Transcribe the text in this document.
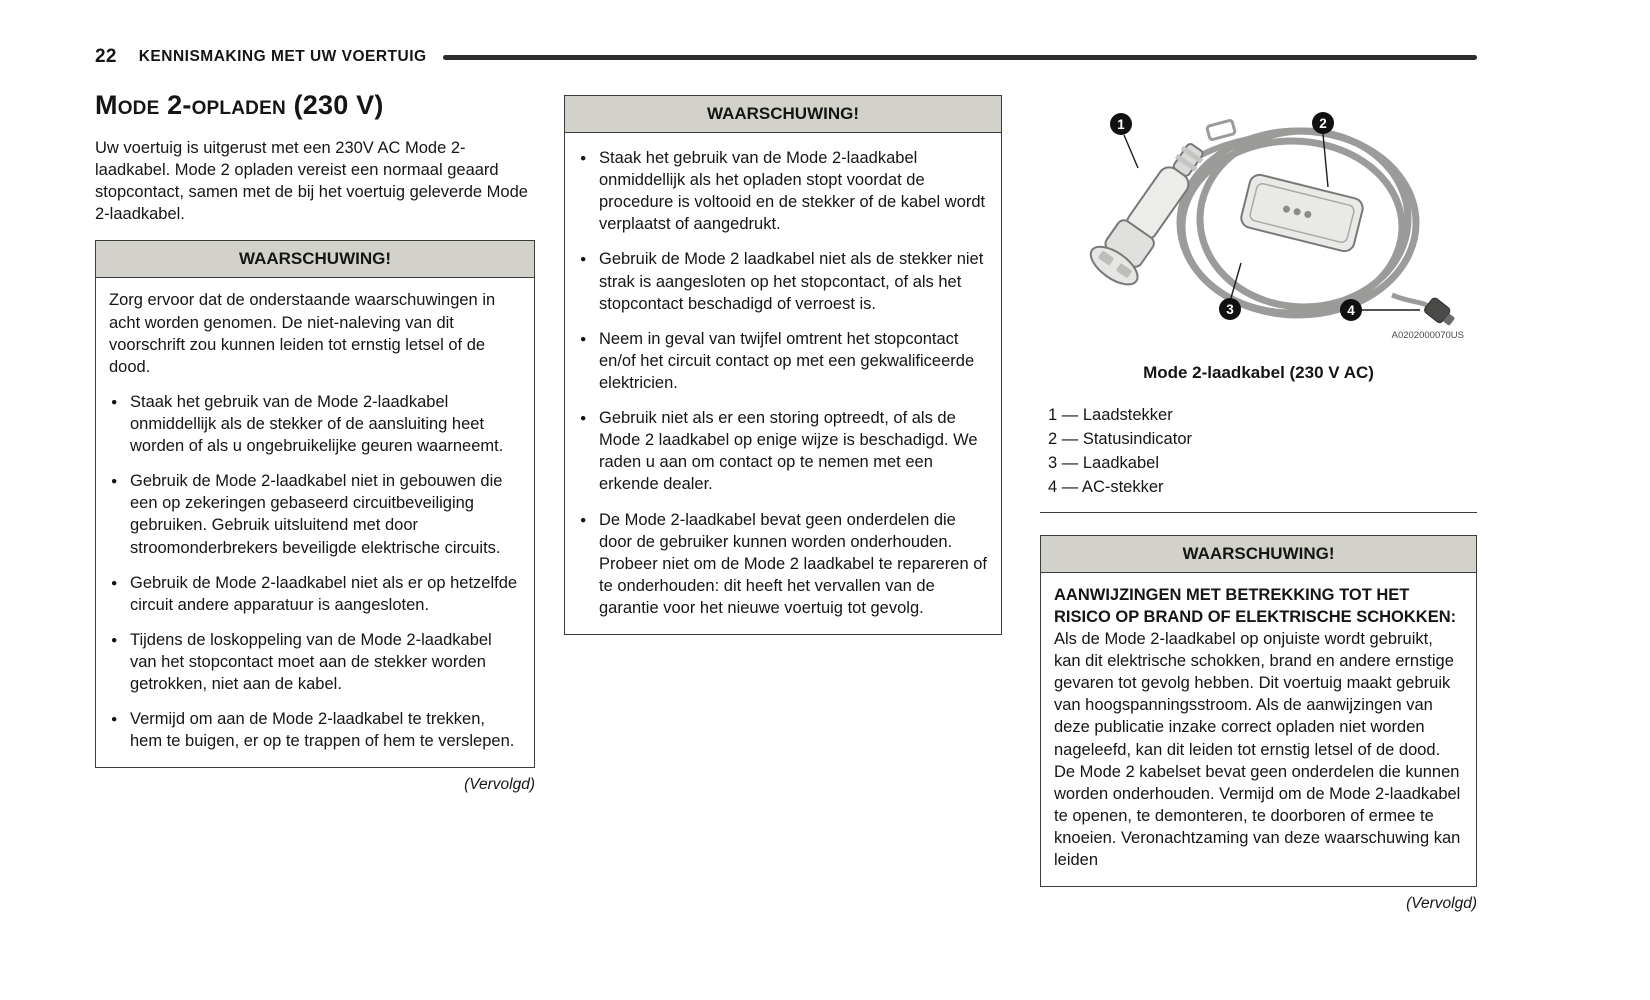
22 KENNISMAKING MET UW VOERTUIG
Mode 2-opladen (230 V)
Uw voertuig is uitgerust met een 230V AC Mode 2-laadkabel. Mode 2 opladen vereist een normaal geaard stopcontact, samen met de bij het voertuig geleverde Mode 2-laadkabel.
WAARSCHUWING!
Zorg ervoor dat de onderstaande waarschuwingen in acht worden genomen. De niet-naleving van dit voorschrift zou kunnen leiden tot ernstig letsel of de dood.
● Staak het gebruik van de Mode 2-laadkabel onmiddellijk als de stekker of de aansluiting heet worden of als u ongebruikelijke geuren waarneemt.
● Gebruik de Mode 2-laadkabel niet in gebouwen die een op zekeringen gebaseerd circuitbeveiliging gebruiken. Gebruik uitsluitend met door stroomonderbrekers beveiligde elektrische circuits.
● Gebruik de Mode 2-laadkabel niet als er op hetzelfde circuit andere apparatuur is aangesloten.
● Tijdens de loskoppeling van de Mode 2-laadkabel van het stopcontact moet aan de stekker worden getrokken, niet aan de kabel.
● Vermijd om aan de Mode 2-laadkabel te trekken, hem te buigen, er op te trappen of hem te verslepen.
(Vervolgd)
WAARSCHUWING!
● Staak het gebruik van de Mode 2-laadkabel onmiddellijk als het opladen stopt voordat de procedure is voltooid en de stekker of de kabel wordt verplaatst of aangedrukt.
● Gebruik de Mode 2 laadkabel niet als de stekker niet strak is aangesloten op het stopcontact, of als het stopcontact beschadigd of verroest is.
● Neem in geval van twijfel omtrent het stopcontact en/of het circuit contact op met een gekwalificeerde elektricien.
● Gebruik niet als er een storing optreedt, of als de Mode 2 laadkabel op enige wijze is beschadigd. We raden u aan om contact op te nemen met een erkende dealer.
● De Mode 2-laadkabel bevat geen onderdelen die door de gebruiker kunnen worden onderhouden. Probeer niet om de Mode 2 laadkabel te repareren of te onderhouden: dit heeft het vervallen van de garantie voor het nieuwe voertuig tot gevolg.
1	2
3	4
A0202000070US
Mode 2-laadkabel (230 V AC)
1 — Laadstekker
2 — Statusindicator
3 — Laadkabel
4 — AC-stekker
WAARSCHUWING!
AANWIJZINGEN MET BETREKKING TOT HET RISICO OP BRAND OF ELEKTRISCHE SCHOKKEN: Als de Mode 2-laadkabel op onjuiste wordt gebruikt, kan dit elektrische schokken, brand en andere ernstige gevaren tot gevolg hebben. Dit voertuig maakt gebruik van hoogspanningsstroom. Als de aanwijzingen van deze publicatie inzake correct opladen niet worden nageleefd, kan dit leiden tot ernstig letsel of de dood. De Mode 2 kabelset bevat geen onderdelen die kunnen worden onderhouden. Vermijd om de Mode 2-laadkabel te openen, te demonteren, te doorboren of ermee te knoeien. Veronachtzaming van deze waarschuwing kan leiden
(Vervolgd)
